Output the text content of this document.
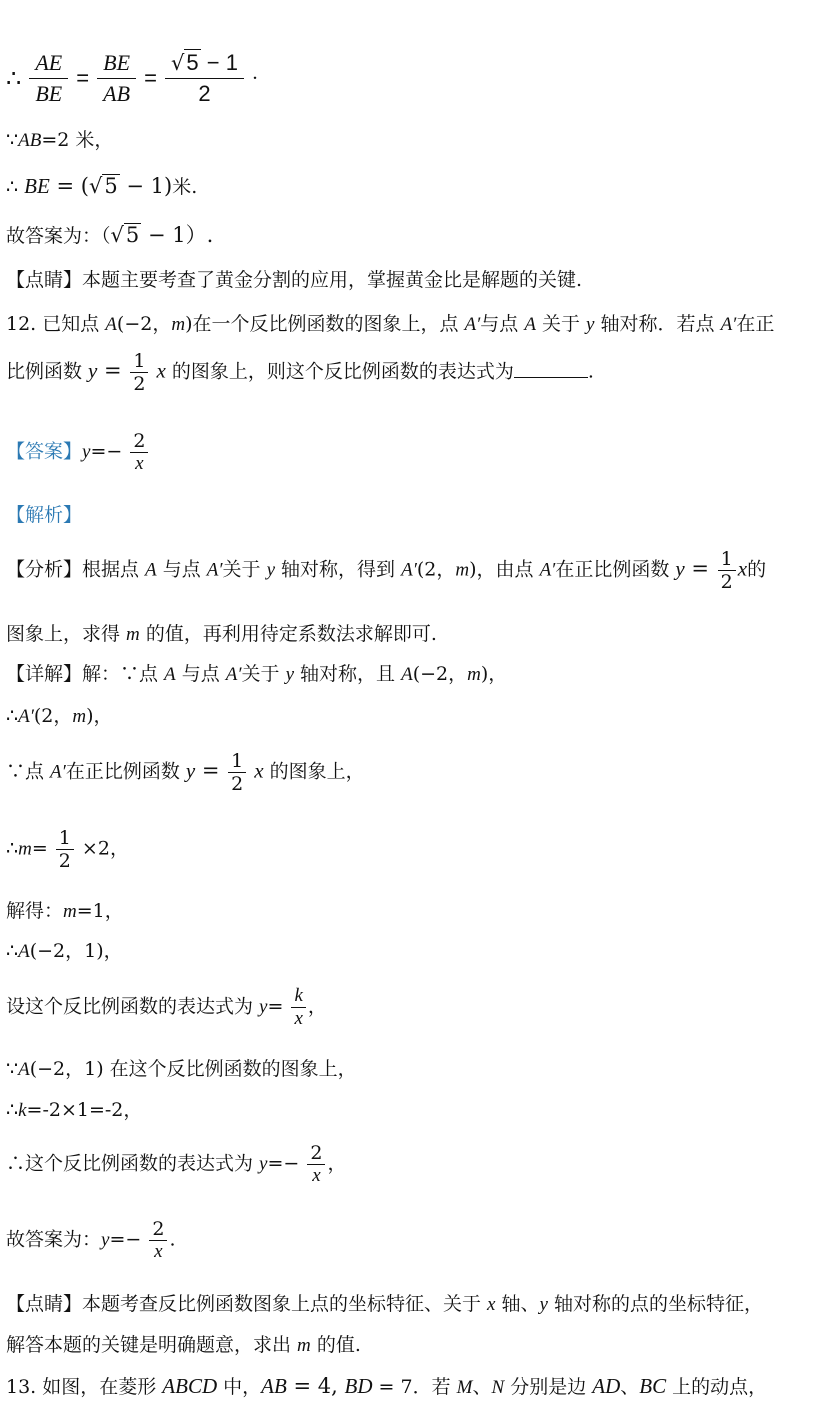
∴ $\frac{AE}{BE} = \frac{BE}{AB} = \frac{√5 - 1}{2}$ ·
∵AB=2 米，
∴ BE = (√5 − 1)米.
故答案为：（√5 − 1）.
【点睛】本题主要考查了黄金分割的应用，掌握黄金比是解题的关键.
12. 已知点 A(−2，m)在一个反比例函数的图象上，点 A′与点 A 关于 y 轴对称．若点 A′在正
比例函数 $y = \frac{1}{2}$ x 的图象上，则这个反比例函数的表达式为	.
【答案】$y=- \frac{2}{x}$
【解析】
【分析】根据点 A 与点 A′关于 y 轴对称，得到 A′(2，m)，由点 A′在正比例函数 $y = \frac{1}{2}$ x的
图象上，求得 m 的值，再利用待定系数法求解即可.
【详解】解：∵点 A 与点 A′关于 y 轴对称，且 A(−2，m)，
∴A′(2，m)，
∵点 A′在正比例函数 $y = \frac{1}{2}$ x 的图象上，
∴m= $\frac{1}{2} \times 2$，
解得：m=1，
∴A(−2，1)，
设这个反比例函数的表达式为 $y= \frac{k}{x}$ ，
∵A(−2，1) 在这个反比例函数的图象上，
∴k=-2×1=-2，
∴这个反比例函数的表达式为 $y=- \frac{2}{x}$ ，
故答案为：$y=- \frac{2}{x}$ .
【点睛】本题考查反比例函数图象上点的坐标特征、关于 x 轴、y 轴对称的点的坐标特征，
解答本题的关键是明确题意，求出 m 的值.
13. 如图，在菱形 ABCD 中，AB = 4, BD = 7．若 M、N 分别是边 AD、BC 上的动点，
